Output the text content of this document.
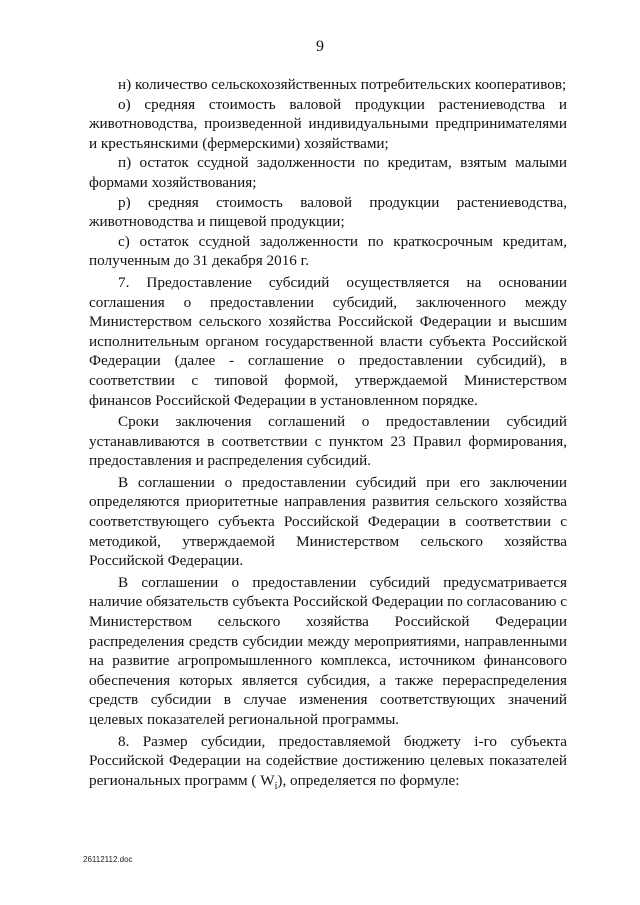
9

н) количество сельскохозяйственных потребительских кооперативов;

о) средняя стоимость валовой продукции растениеводства и животноводства, произведенной индивидуальными предпринимателями и крестьянскими (фермерскими) хозяйствами;

п) остаток ссудной задолженности по кредитам, взятым малыми формами хозяйствования;

р) средняя стоимость валовой продукции растениеводства, животноводства и пищевой продукции;

с) остаток ссудной задолженности по краткосрочным кредитам, полученным до 31 декабря 2016 г.

7. Предоставление субсидий осуществляется на основании соглашения о предоставлении субсидий, заключенного между Министерством сельского хозяйства Российской Федерации и высшим исполнительным органом государственной власти субъекта Российской Федерации (далее - соглашение о предоставлении субсидий), в соответствии с типовой формой, утверждаемой Министерством финансов Российской Федерации в установленном порядке.

Сроки заключения соглашений о предоставлении субсидий устанавливаются в соответствии с пунктом 23 Правил формирования, предоставления и распределения субсидий.

В соглашении о предоставлении субсидий при его заключении определяются приоритетные направления развития сельского хозяйства соответствующего субъекта Российской Федерации в соответствии с методикой, утверждаемой Министерством сельского хозяйства Российской Федерации.

В соглашении о предоставлении субсидий предусматривается наличие обязательств субъекта Российской Федерации по согласованию с Министерством сельского хозяйства Российской Федерации распределения средств субсидии между мероприятиями, направленными на развитие агропромышленного комплекса, источником финансового обеспечения которых является субсидия, а также перераспределения средств субсидии в случае изменения соответствующих значений целевых показателей региональной программы.

8. Размер субсидии, предоставляемой бюджету i-го субъекта Российской Федерации на содействие достижению целевых показателей региональных программ ( $W_i$), определяется по формуле:

26112112.doc
